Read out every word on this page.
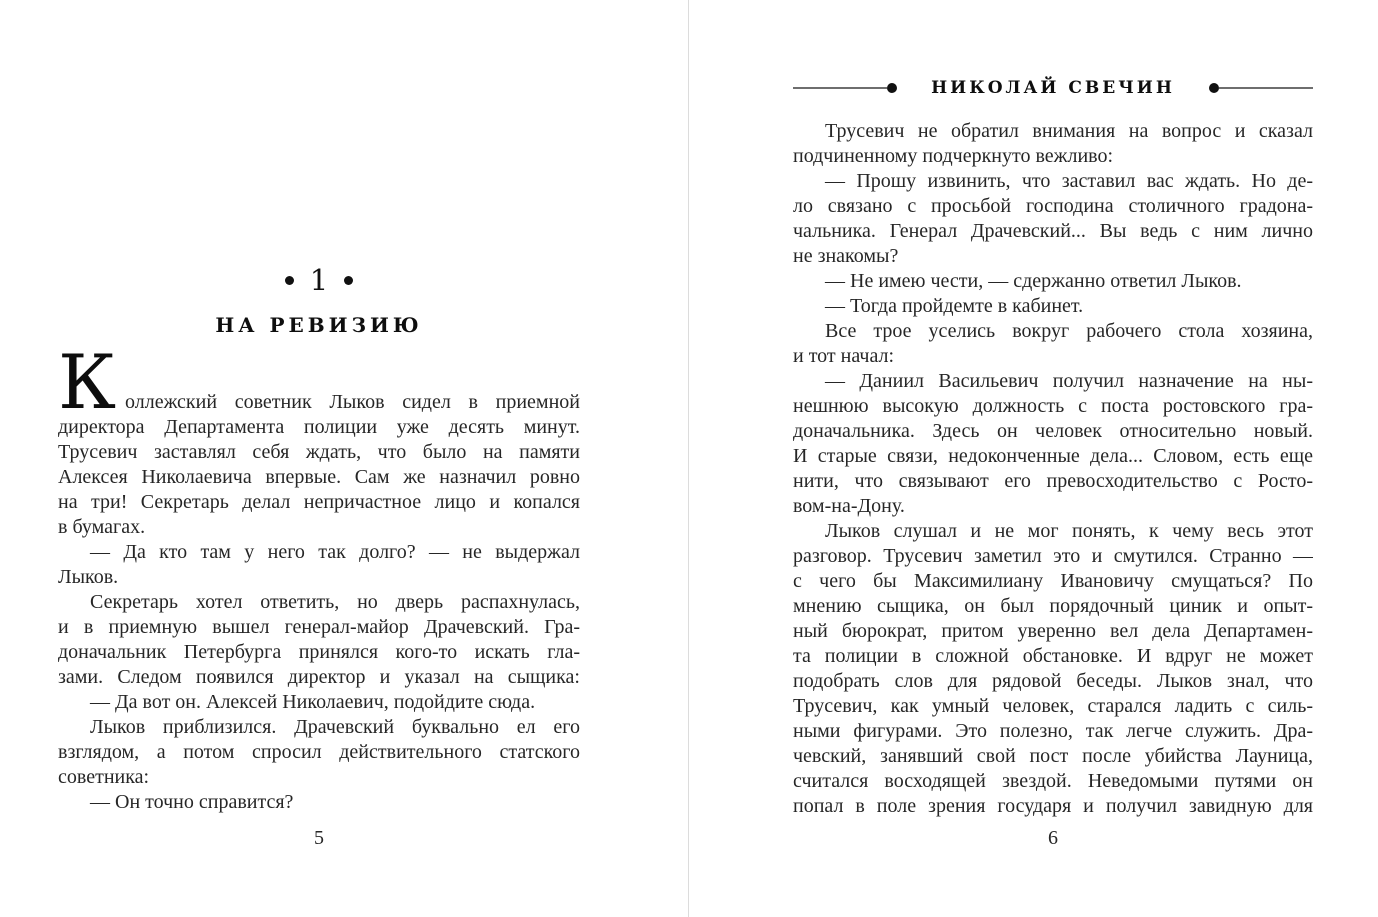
1
НА РЕВИЗИЮ
К оллежский советник Лыков сидел в приемной
директора Департамента полиции уже десять минут.
Трусевич заставлял себя ждать, что было на памяти
Алексея Николаевича впервые. Сам же назначил ровно
на три! Секретарь делал непричастное лицо и копался
в бумагах.
— Да кто там у него так долго? — не выдержал
Лыков.
Секретарь хотел ответить, но дверь распахнулась,
и в приемную вышел генерал-майор Драчевский. Гра-
доначальник Петербурга принялся кого-то искать гла-
зами. Следом появился директор и указал на сыщика:
— Да вот он. Алексей Николаевич, подойдите сюда.
Лыков приблизился. Драчевский буквально ел его
взглядом, а потом спросил действительного статского
советника:
— Он точно справится?
5
НИКОЛАЙ СВЕЧИН
Трусевич не обратил внимания на вопрос и сказал
подчиненному подчеркнуто вежливо:
— Прошу извинить, что заставил вас ждать. Но де-
ло связано с просьбой господина столичного градона-
чальника. Генерал Драчевский... Вы ведь с ним лично
не знакомы?
— Не имею чести, — сдержанно ответил Лыков.
— Тогда пройдемте в кабинет.
Все трое уселись вокруг рабочего стола хозяина,
и тот начал:
— Даниил Васильевич получил назначение на ны-
нешнюю высокую должность с поста ростовского гра-
доначальника. Здесь он человек относительно новый.
И старые связи, недоконченные дела... Словом, есть еще
нити, что связывают его превосходительство с Росто-
вом-на-Дону.
Лыков слушал и не мог понять, к чему весь этот
разговор. Трусевич заметил это и смутился. Странно —
с чего бы Максимилиану Ивановичу смущаться? По
мнению сыщика, он был порядочный циник и опыт-
ный бюрократ, притом уверенно вел дела Департамен-
та полиции в сложной обстановке. И вдруг не может
подобрать слов для рядовой беседы. Лыков знал, что
Трусевич, как умный человек, старался ладить с силь-
ными фигурами. Это полезно, так легче служить. Дра-
чевский, занявший свой пост после убийства Лауница,
считался восходящей звездой. Неведомыми путями он
попал в поле зрения государя и получил завидную для
6
